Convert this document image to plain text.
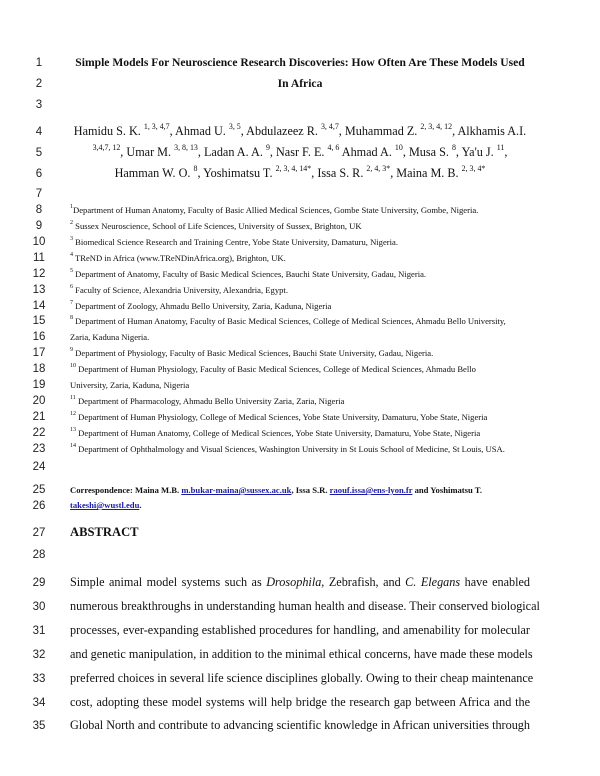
1
2
3
4
5
6
7
8
9
10
11
12
13
14
15
16
17
18
19
20
21
22
23
24
25
26
27
28
29
30
31
32
33
34
35
Simple Models For Neuroscience Research Discoveries: How Often Are These Models Used
In Africa
Hamidu S. K. $^{1, 3, 4,7}$, Ahmad U. $^{3, 5}$, Abdulazeez R. $^{3, 4,7}$, Muhammad Z. $^{2, 3, 4, 12}$, Alkhamis A.I.
$^{3,4,7, 12}$, Umar M. $^{3, 8, 13}$, Ladan A. A. $^9$, Nasr F. E. $^{4, 6}$ Ahmad A. $^{10}$, Musa S. $^8$, Ya'u J. $^{11}$,
Hamman W. O. $^8$, Yoshimatsu T. $^{2, 3, 4, 14*}$, Issa S. R. $^{2, 4, 3*}$, Maina M. B. $^{2, 3, 4*}$
$^1$Department of Human Anatomy, Faculty of Basic Allied Medical Sciences, Gombe State University, Gombe, Nigeria.
$^2$ Sussex Neuroscience, School of Life Sciences, University of Sussex, Brighton, UK
$^3$ Biomedical Science Research and Training Centre, Yobe State University, Damaturu, Nigeria.
$^4$ TReND in Africa (www.TReNDinAfrica.org), Brighton, UK.
$^5$ Department of Anatomy, Faculty of Basic Medical Sciences, Bauchi State University, Gadau, Nigeria.
$^6$ Faculty of Science, Alexandria University, Alexandria, Egypt.
$^7$ Department of Zoology, Ahmadu Bello University, Zaria, Kaduna, Nigeria
$^8$ Department of Human Anatomy, Faculty of Basic Medical Sciences, College of Medical Sciences, Ahmadu Bello University,
Zaria, Kaduna Nigeria.
$^9$ Department of Physiology, Faculty of Basic Medical Sciences, Bauchi State University, Gadau, Nigeria.
$^{10}$ Department of Human Physiology, Faculty of Basic Medical Sciences, College of Medical Sciences, Ahmadu Bello
University, Zaria, Kaduna, Nigeria
$^{11}$ Department of Pharmacology, Ahmadu Bello University Zaria, Zaria, Nigeria
$^{12}$ Department of Human Physiology, College of Medical Sciences, Yobe State University, Damaturu, Yobe State, Nigeria
$^{13}$ Department of Human Anatomy, College of Medical Sciences, Yobe State University, Damaturu, Yobe State, Nigeria
$^{14}$ Department of Ophthalmology and Visual Sciences, Washington University in St Louis School of Medicine, St Louis, USA.
Correspondence: Maina M.B. m.bukar-maina@sussex.ac.uk, Issa S.R. raouf.issa@ens-lyon.fr and Yoshimatsu T.
takeshi@wustl.edu.
ABSTRACT
Simple animal model systems such as Drosophila, Zebrafish, and C. Elegans have enabled
numerous breakthroughs in understanding human health and disease. Their conserved biological
processes, ever-expanding established procedures for handling, and amenability for molecular
and genetic manipulation, in addition to the minimal ethical concerns, have made these models
preferred choices in several life science disciplines globally. Owing to their cheap maintenance
cost, adopting these model systems will help bridge the research gap between Africa and the
Global North and contribute to advancing scientific knowledge in African universities through
